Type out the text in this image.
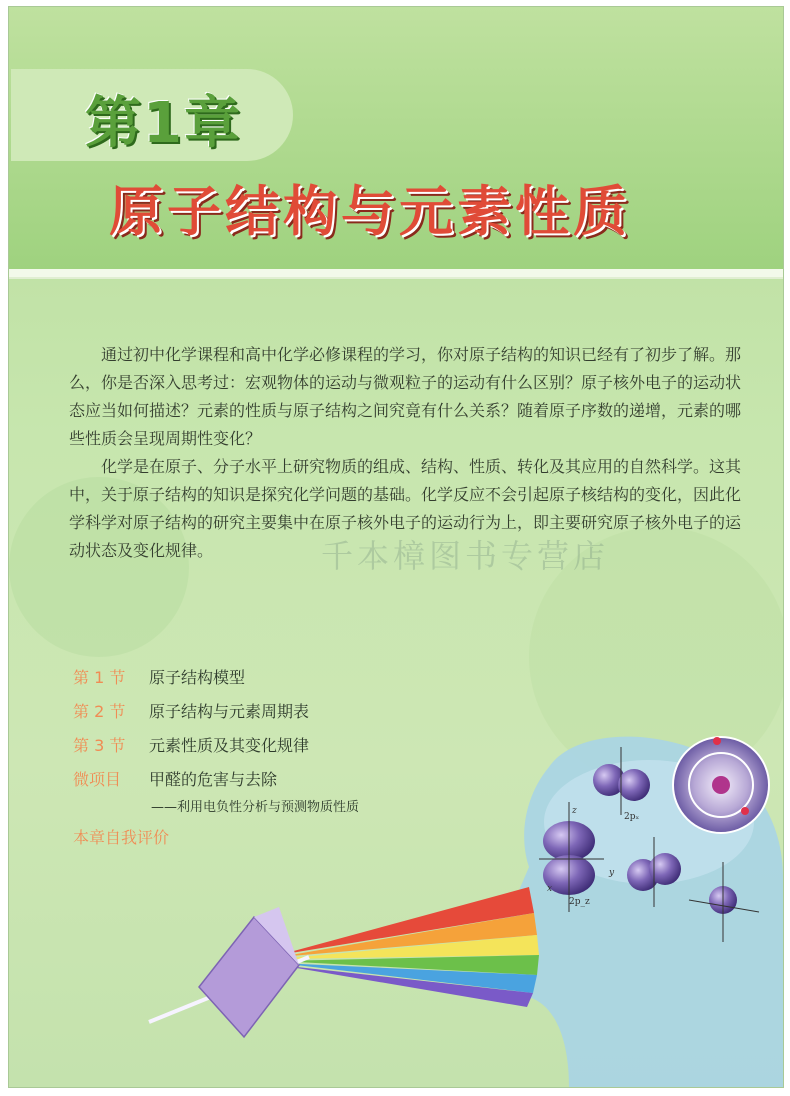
第1章
原子结构与元素性质
2pₓ
2p_z
y
x
z

通过初中化学课程和高中化学必修课程的学习，你对原子结构的知识已经有了初步了解。那么，你是否深入思考过：宏观物体的运动与微观粒子的运动有什么区别？原子核外电子的运动状态应当如何描述？元素的性质与原子结构之间究竟有什么关系？随着原子序数的递增，元素的哪些性质会呈现周期性变化？

化学是在原子、分子水平上研究物质的组成、结构、性质、转化及其应用的自然科学。这其中，关于原子结构的知识是探究化学问题的基础。化学反应不会引起原子核结构的变化，因此化学科学对原子结构的研究主要集中在原子核外电子的运动行为上，即主要研究原子核外电子的运动状态及变化规律。	千本樟图书专营店
第 1 节	原子结构模型
第 2 节	原子结构与元素周期表
第 3 节	元素性质及其变化规律
微项目	甲醛的危害与去除
——利用电负性分析与预测物质性质
本章自我评价
